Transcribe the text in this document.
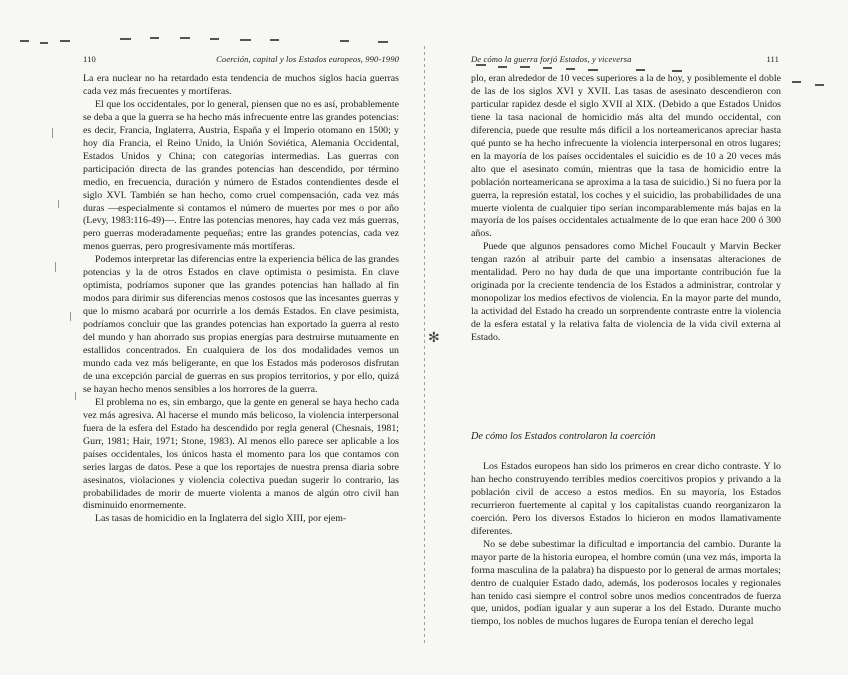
110	Coerción, capital y los Estados europeos, 990-1990

La era nuclear no ha retardado esta tendencia de muchos siglos hacia guerras cada vez más frecuentes y mortíferas.

El que los occidentales, por lo general, piensen que no es así, probablemente se deba a que la guerra se ha hecho más infrecuente entre las grandes potencias: es decir, Francia, Inglaterra, Austria, España y el Imperio otomano en 1500; y hoy día Francia, el Reino Unido, la Unión Soviética, Alemania Occidental, Estados Unidos y China; con categorías intermedias. Las guerras con participación directa de las grandes potencias han descendido, por término medio, en frecuencia, duración y número de Estados contendientes desde el siglo XVI. También se han hecho, como cruel compensación, cada vez más duras —especialmente si contamos el número de muertes por mes o por año (Levy, 1983:116-49)—. Entre las potencias menores, hay cada vez más guerras, pero guerras moderadamente pequeñas; entre las grandes potencias, cada vez menos guerras, pero progresivamente más mortíferas.

Podemos interpretar las diferencias entre la experiencia bélica de las grandes potencias y la de otros Estados en clave optimista o pesimista. En clave optimista, podríamos suponer que las grandes potencias han hallado al fin modos para dirimir sus diferencias menos costosos que las incesantes guerras y que lo mismo acabará por ocurrirle a los demás Estados. En clave pesimista, podríamos concluir que las grandes potencias han exportado la guerra al resto del mundo y han ahorrado sus propias energías para destruirse mutuamente en estallidos concentrados. En cualquiera de los dos modalidades vemos un mundo cada vez más beligerante, en que los Estados más poderosos disfrutan de una excepción parcial de guerras en sus propios territorios, y por ello, quizá se hayan hecho menos sensibles a los horrores de la guerra.

El problema no es, sin embargo, que la gente en general se haya hecho cada vez más agresiva. Al hacerse el mundo más belicoso, la violencia interpersonal fuera de la esfera del Estado ha descendido por regla general (Chesnais, 1981; Gurr, 1981; Hair, 1971; Stone, 1983). Al menos ello parece ser aplicable a los países occidentales, los únicos hasta el momento para los que contamos con series largas de datos. Pese a que los reportajes de nuestra prensa diaria sobre asesinatos, violaciones y violencia colectiva puedan sugerir lo contrario, las probabilidades de morir de muerte violenta a manos de algún otro civil han disminuido enormemente.

Las tasas de homicidio en la Inglaterra del siglo XIII, por ejem-

De cómo la guerra forjó Estados, y viceversa	111

plo, eran alrededor de 10 veces superiores a la de hoy, y posiblemente el doble de las de los siglos XVI y XVII. Las tasas de asesinato descendieron con particular rapidez desde el siglo XVII al XIX. (Debido a que Estados Unidos tiene la tasa nacional de homicidio más alta del mundo occidental, con diferencia, puede que resulte más difícil a los norteamericanos apreciar hasta qué punto se ha hecho infrecuente la violencia interpersonal en otros lugares; en la mayoría de los países occidentales el suicidio es de 10 a 20 veces más alto que el asesinato común, mientras que la tasa de homicidio entre la población norteamericana se aproxima a la tasa de suicidio.) Si no fuera por la guerra, la represión estatal, los coches y el suicidio, las probabilidades de una muerte violenta de cualquier tipo serían incomparablemente más bajas en la mayoría de los países occidentales actualmente de lo que eran hace 200 ó 300 años.

Puede que algunos pensadores como Michel Foucault y Marvin Becker tengan razón al atribuir parte del cambio a insensatas alteraciones de mentalidad. Pero no hay duda de que una importante contribución fue la originada por la creciente tendencia de los Estados a administrar, controlar y monopolizar los medios efectivos de violencia. En la mayor parte del mundo, la actividad del Estado ha creado un sorprendente contraste entre la violencia de la esfera estatal y la relativa falta de violencia de la vida civil externa al Estado.

De cómo los Estados controlaron la coerción

Los Estados europeos han sido los primeros en crear dicho contraste. Y lo han hecho construyendo terribles medios coercitivos propios y privando a la población civil de acceso a estos medios. En su mayoría, los Estados recurrieron fuertemente al capital y los capitalistas cuando reorganizaron la coerción. Pero los diversos Estados lo hicieron en modos llamativamente diferentes.

No se debe subestimar la dificultad e importancia del cambio. Durante la mayor parte de la historia europea, el hombre común (una vez más, importa la forma masculina de la palabra) ha dispuesto por lo general de armas mortales; dentro de cualquier Estado dado, además, los poderosos locales y regionales han tenido casi siempre el control sobre unos medios concentrados de fuerza que, unidos, podían igualar y aun superar a los del Estado. Durante mucho tiempo, los nobles de muchos lugares de Europa tenían el derecho legal

✻
